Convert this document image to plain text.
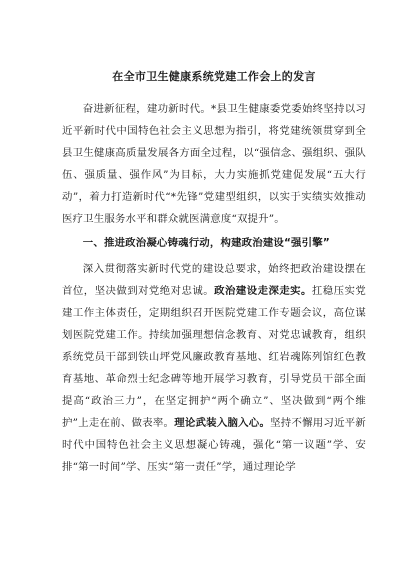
在全市卫生健康系统党建工作会上的发言

奋进新征程，建功新时代。*县卫生健康委党委始终坚持以习近平新时代中国特色社会主义思想为指引，将党建统领贯穿到全县卫生健康高质量发展各方面全过程，以“强信念、强组织、强队伍、强质量、强作风”为目标，大力实施抓党建促发展“五大行动”，着力打造新时代“*先锋”党建型组织，以实于实绩实效推动医疗卫生服务水平和群众就医满意度“双提升”。

一、推进政治凝心铸魂行动，构建政治建设“强引擎”

深入贯彻落实新时代党的建设总要求，始终把政治建设摆在首位，坚决做到对党绝对忠诚。政治建设走深走实。扛稳压实党建工作主体责任，定期组织召开医院党建工作专题会议，高位谋划医院党建工作。持续加强理想信念教育、对党忠诚教育，组织系统党员干部到铁山坪党风廉政教育基地、红岩魂陈列馆红色教育基地、革命烈士纪念碑等地开展学习教育，引导党员干部全面提高“政治三力”，在坚定拥护“两个确立”、坚决做到“两个维护”上走在前、做表率。理论武装入脑入心。坚持不懈用习近平新时代中国特色社会主义思想凝心铸魂，强化“第一议题”学、安排“第一时间”学、压实“第一责任”学，通过理论学
